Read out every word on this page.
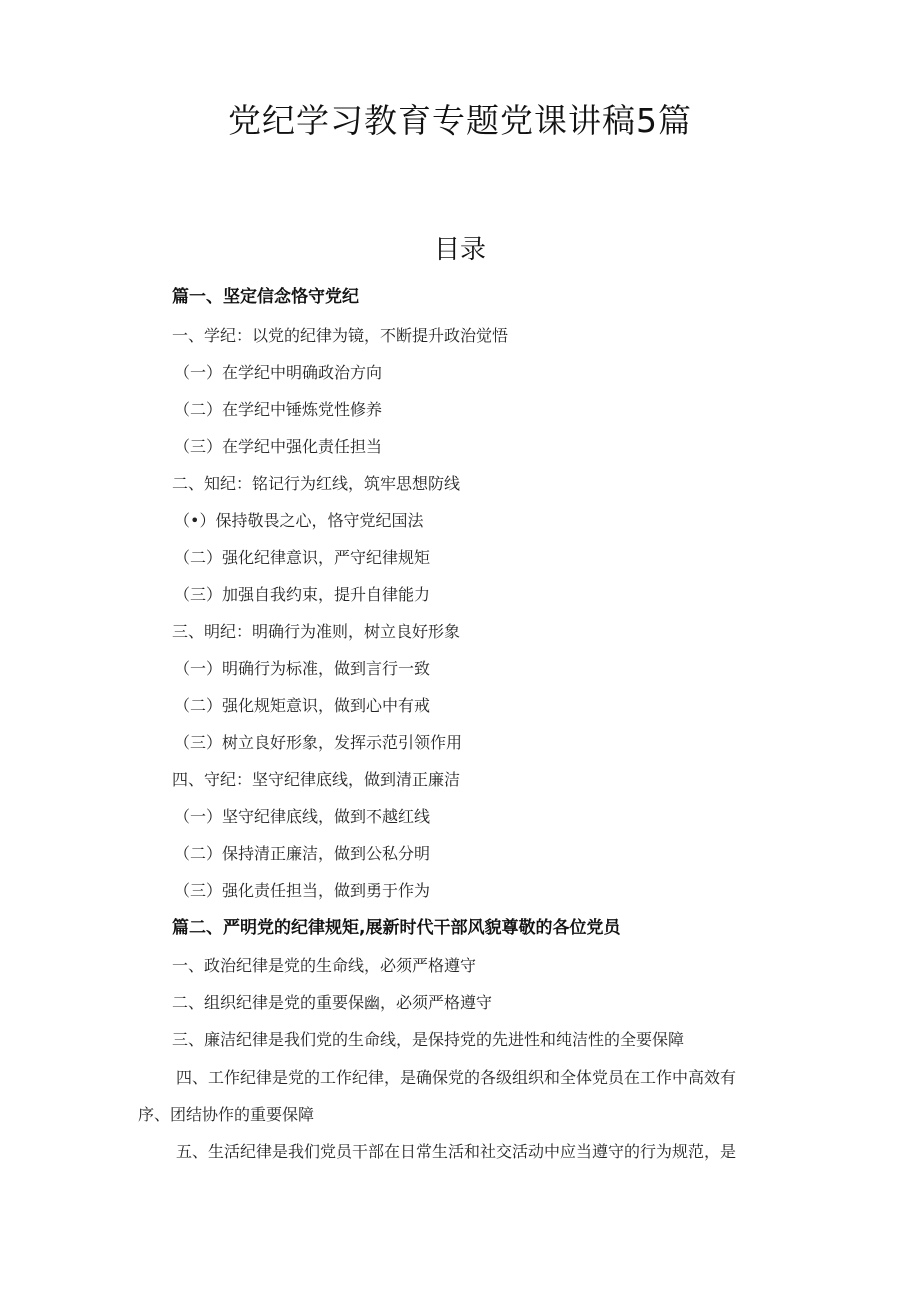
党纪学习教育专题党课讲稿5篇
目录
篇一、坚定信念恪守党纪
一、学纪：以党的纪律为镜，不断提升政治觉悟
（一）在学纪中明确政治方向
（二）在学纪中锤炼党性修养
（三）在学纪中强化责任担当
二、知纪：铭记行为红线，筑牢思想防线
（•）保持敬畏之心，恪守党纪国法
（二）强化纪律意识，严守纪律规矩
（三）加强自我约束，提升自律能力
三、明纪：明确行为准则，树立良好形象
（一）明确行为标准，做到言行一致
（二）强化规矩意识，做到心中有戒
（三）树立良好形象，发挥示范引领作用
四、守纪：坚守纪律底线，做到清正廉洁
（一）坚守纪律底线，做到不越红线
（二）保持清正廉洁，做到公私分明
（三）强化责任担当，做到勇于作为
篇二、严明党的纪律规矩,展新时代干部风貌尊敬的各位党员
一、政治纪律是党的生命线，必须严格遵守
二、组织纪律是党的重要保幽，必须严格遵守
三、廉洁纪律是我们党的生命线，是保持党的先进性和纯洁性的全要保障
四、工作纪律是党的工作纪律，是确保党的各级组织和全体党员在工作中高效有
序、团结协作的重要保障
五、生活纪律是我们党员干部在日常生活和社交活动中应当遵守的行为规范，是
